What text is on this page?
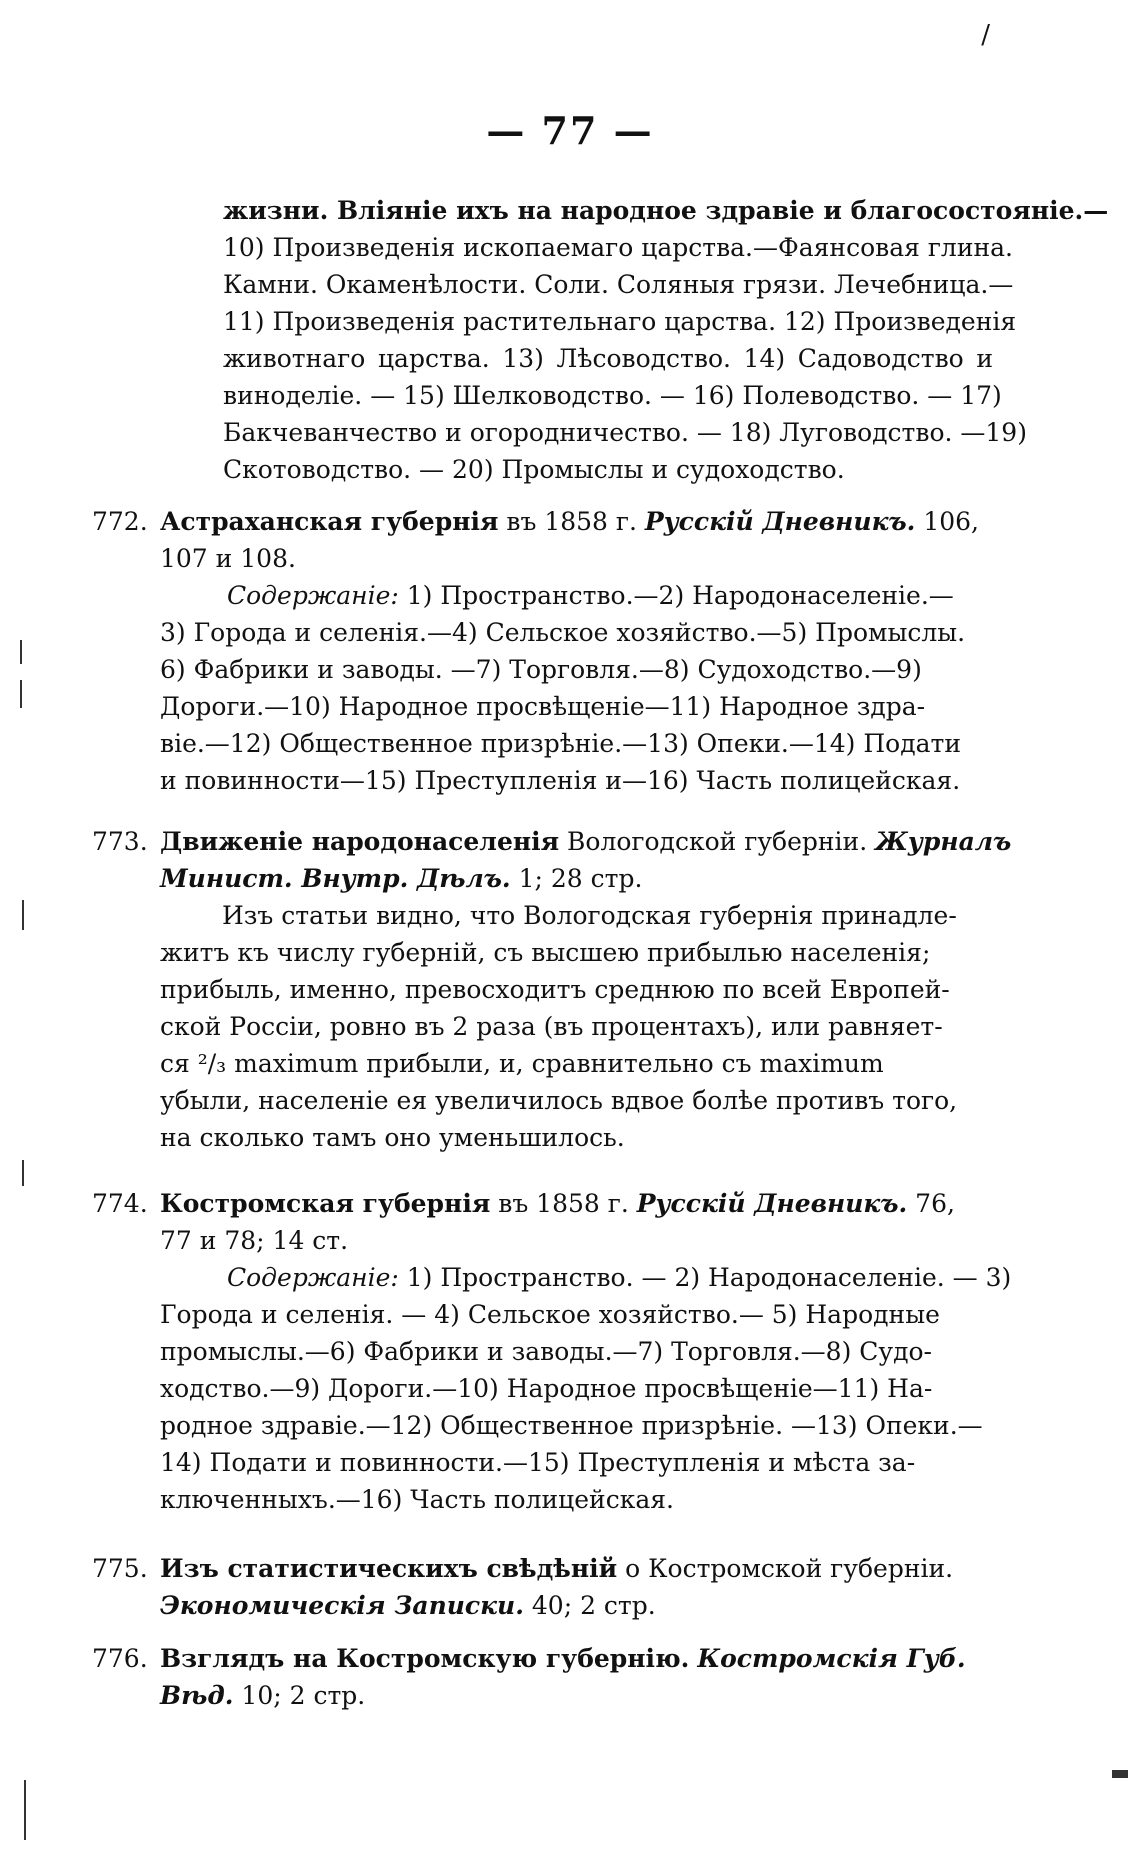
/
— 77 —
жизни. Вліяніе ихъ на народное здравіе и благосостояніе.—
10) Произведенія ископаемаго царства.—Фаянсовая глина.
Камни. Окаменѣлости. Соли. Соляныя грязи. Лечебница.—
11) Произведенія растительнаго царства. 12) Произведенія
животнаго царства. 13) Лѣсоводство. 14) Садоводство и
виноделіе. — 15) Шелководство. — 16) Полеводство. — 17)
Бакчеванчество и огородничество. — 18) Луговодство. —19)
Скотоводство. — 20) Промыслы и судоходство.
772. Астраханская губернія въ 1858 г. Русскій Дневникъ. 106,
107 и 108.
Содержаніе: 1) Пространство.—2) Народонаселеніе.—
3) Города и селенія.—4) Сельское хозяйство.—5) Промыслы.
6) Фабрики и заводы. —7) Торговля.—8) Судоходство.—9)
Дороги.—10) Народное просвѣщеніе—11) Народное здра-
віе.—12) Общественное призрѣніе.—13) Опеки.—14) Подати
и повинности—15) Преступленія и—16) Часть полицейская.
773. Движеніе народонаселенія Вологодской губерніи. Журналъ
Минист. Внутр. Дѣлъ. 1; 28 стр.
Изъ статьи видно, что Вологодская губернія принадле-
житъ къ числу губерній, съ высшею прибылью населенія;
прибыль, именно, превосходитъ среднюю по всей Европей-
ской Россіи, ровно въ 2 раза (въ процентахъ), или равняет-
ся ²/₃ maximum прибыли, и, сравнительно съ maximum
убыли, населеніе ея увеличилось вдвое болѣе противъ того,
на сколько тамъ оно уменьшилось.
774. Костромская губернія въ 1858 г. Русскій Дневникъ. 76,
77 и 78; 14 ст.
Содержаніе: 1) Пространство. — 2) Народонаселеніе. — 3)
Города и селенія. — 4) Сельское хозяйство.— 5) Народные
промыслы.—6) Фабрики и заводы.—7) Торговля.—8) Судо-
ходство.—9) Дороги.—10) Народное просвѣщеніе—11) На-
родное здравіе.—12) Общественное призрѣніе. —13) Опеки.—
14) Подати и повинности.—15) Преступленія и мѣста за-
ключенныхъ.—16) Часть полицейская.
775. Изъ статистическихъ свѣдѣній о Костромской губерніи.
Экономическія Записки. 40; 2 стр.
776. Взглядъ на Костромскую губернію. Костромскія Губ.
Вѣд. 10; 2 стр.
